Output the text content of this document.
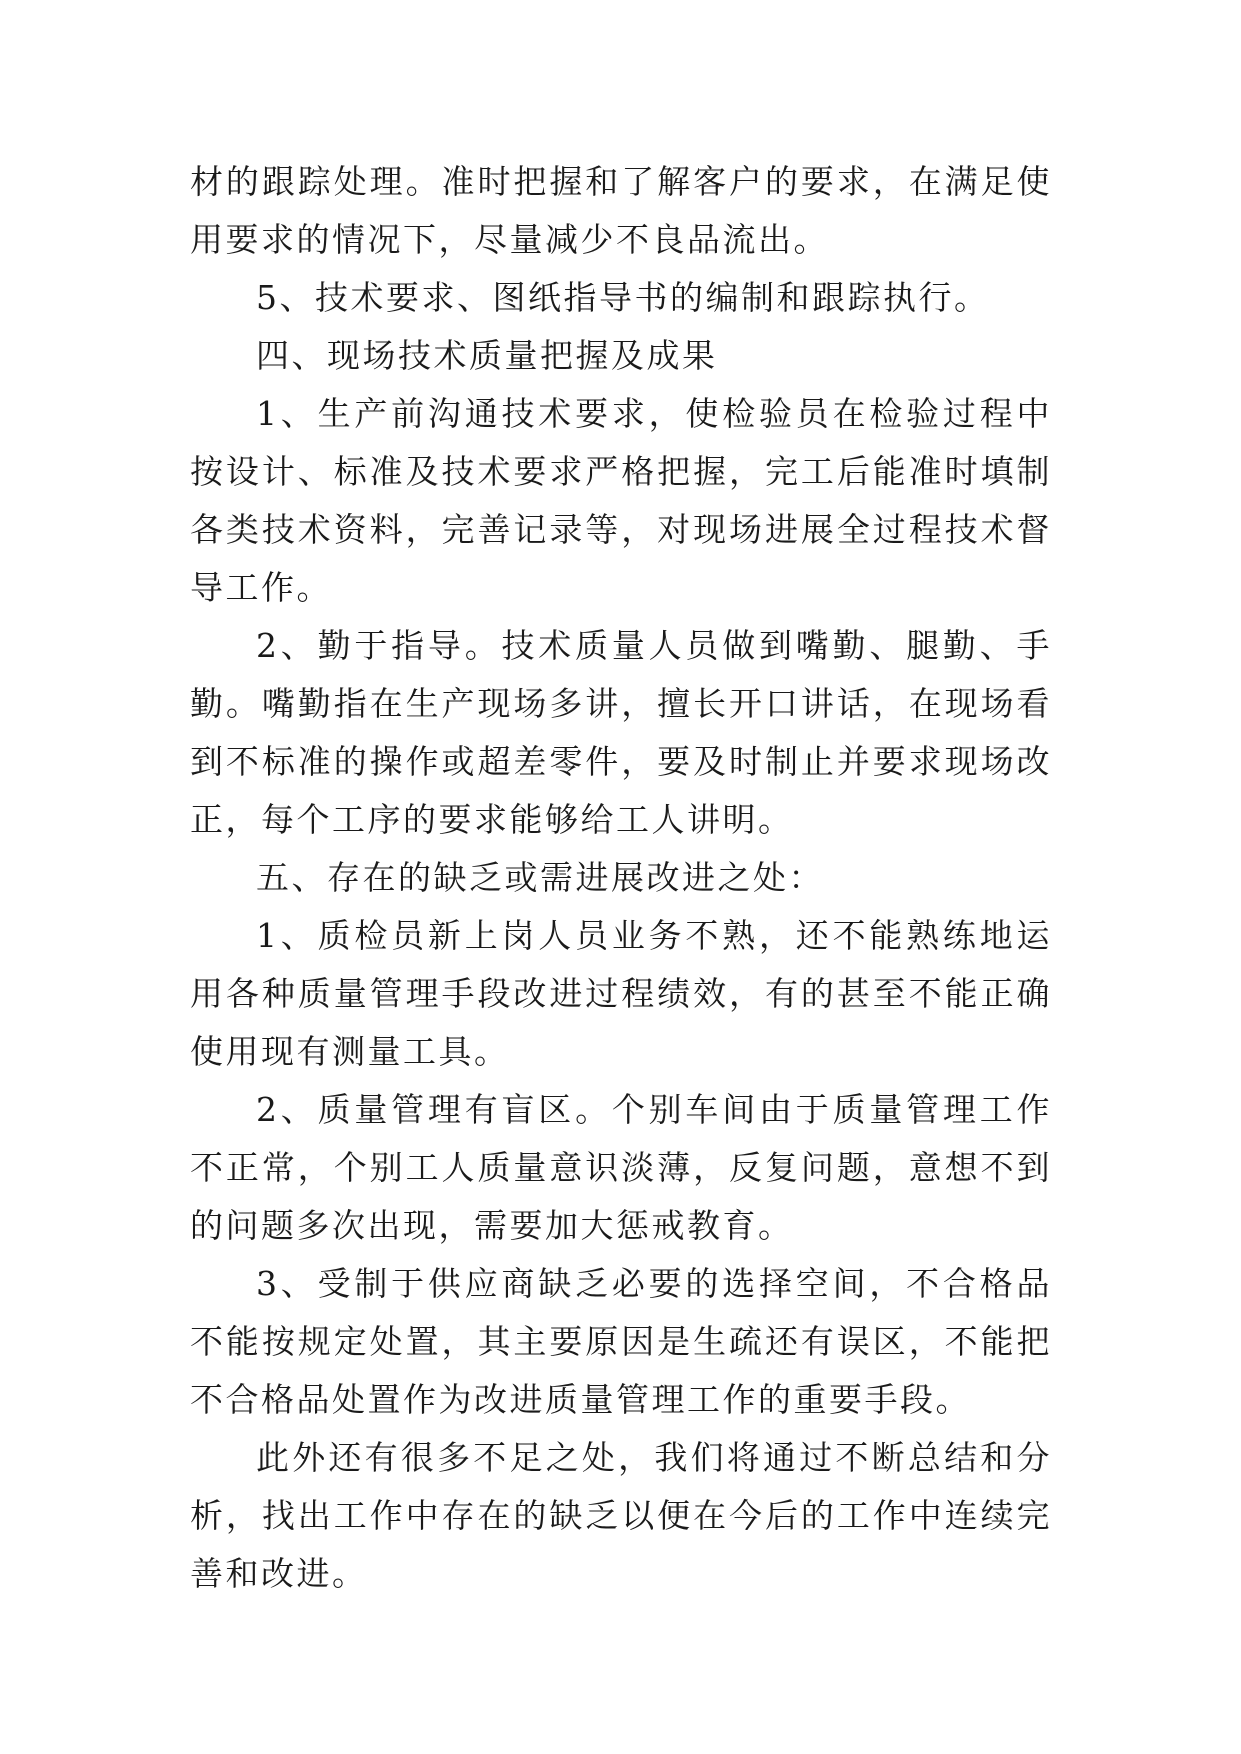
材的跟踪处理。准时把握和了解客户的要求，在满足使用要求的情况下，尽量减少不良品流出。

5、技术要求、图纸指导书的编制和跟踪执行。

四、现场技术质量把握及成果

1、生产前沟通技术要求，使检验员在检验过程中按设计、标准及技术要求严格把握，完工后能准时填制各类技术资料，完善记录等，对现场进展全过程技术督导工作。

2、勤于指导。技术质量人员做到嘴勤、腿勤、手勤。嘴勤指在生产现场多讲，擅长开口讲话，在现场看到不标准的操作或超差零件，要及时制止并要求现场改正，每个工序的要求能够给工人讲明。

五、存在的缺乏或需进展改进之处：

1、质检员新上岗人员业务不熟，还不能熟练地运用各种质量管理手段改进过程绩效，有的甚至不能正确使用现有测量工具。

2、质量管理有盲区。个别车间由于质量管理工作不正常，个别工人质量意识淡薄，反复问题，意想不到的问题多次出现，需要加大惩戒教育。

3、受制于供应商缺乏必要的选择空间，不合格品不能按规定处置，其主要原因是生疏还有误区，不能把不合格品处置作为改进质量管理工作的重要手段。

此外还有很多不足之处，我们将通过不断总结和分析，找出工作中存在的缺乏以便在今后的工作中连续完善和改进。
